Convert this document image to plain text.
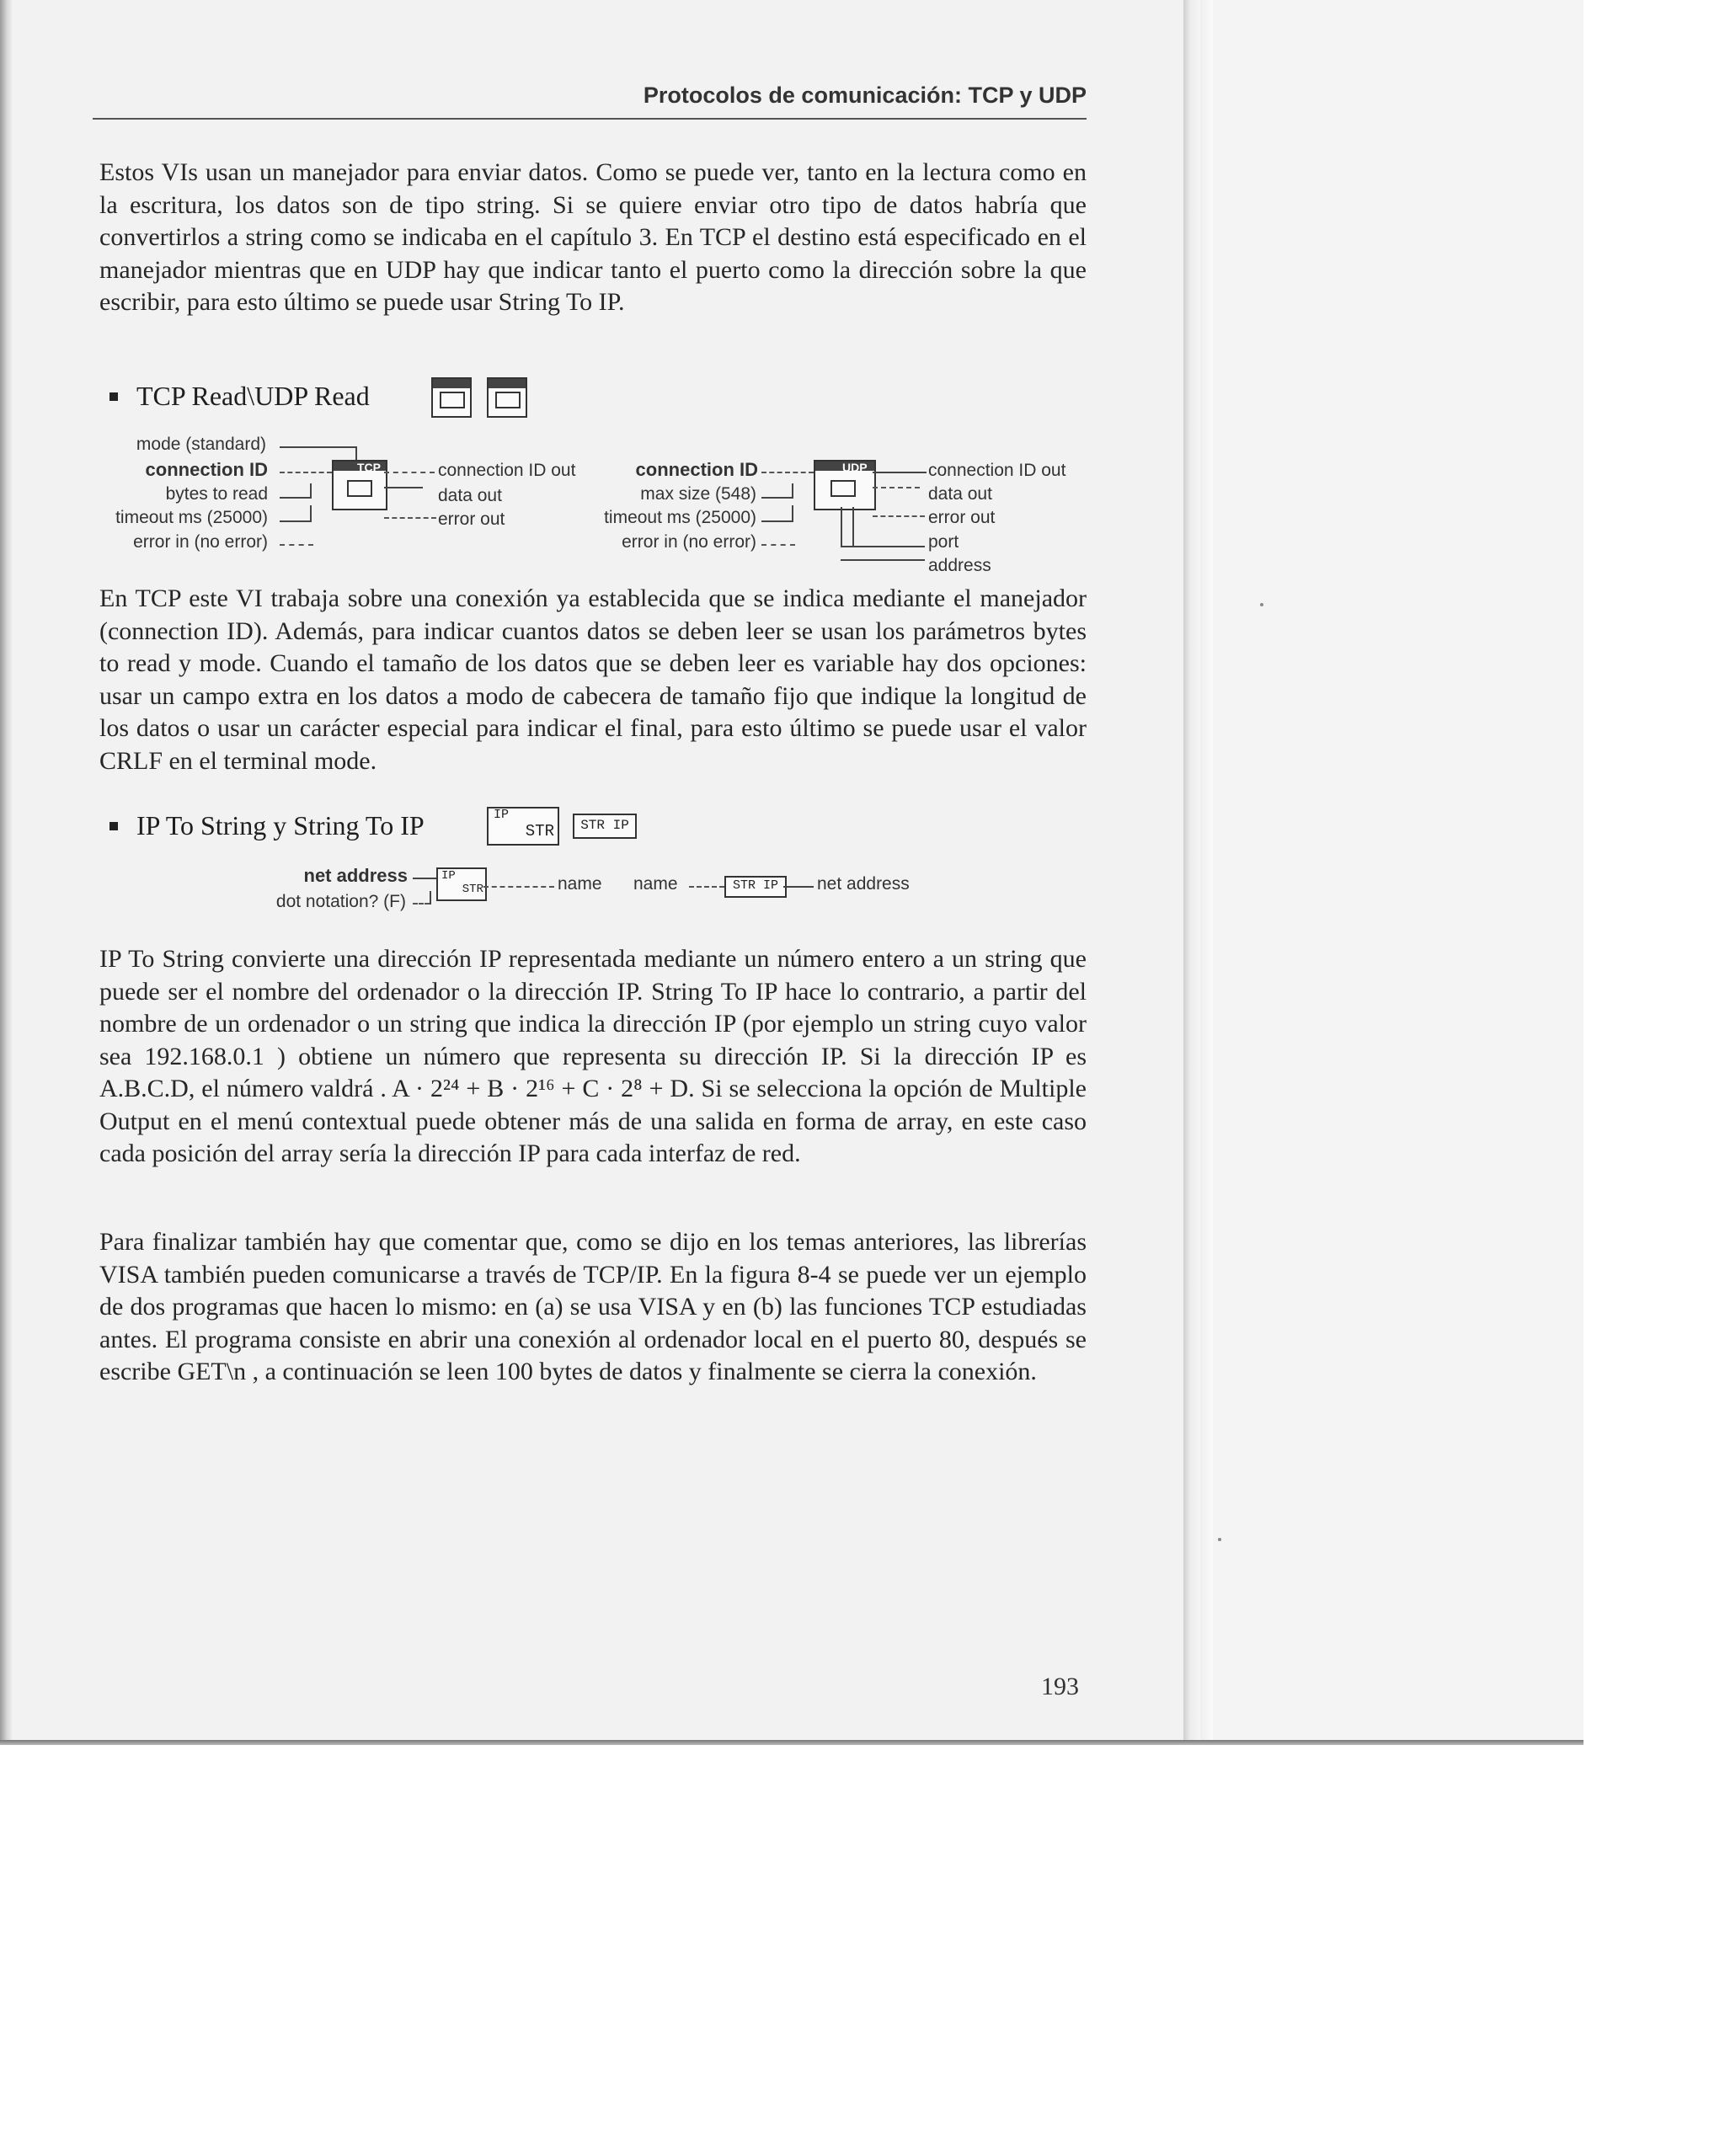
Protocolos de comunicación: TCP y UDP

Estos VIs usan un manejador para enviar datos. Como se puede ver, tanto en la lectura como en la escritura, los datos son de tipo string. Si se quiere enviar otro tipo de datos habría que convertirlos a string como se indicaba en el capítulo 3. En TCP el destino está especificado en el manejador mientras que en UDP hay que indicar tanto el puerto como la dirección sobre la que escribir, para esto último se puede usar String To IP.

TCP Read\UDP Read
mode (standard)
connection ID
bytes to read
timeout ms (25000)
error in (no error)
TCP	connection ID out
data out
error out
connection ID
max size (548)
timeout ms (25000)
error in (no error)
UDP	connection ID out
data out
error out
port
address

En TCP este VI trabaja sobre una conexión ya establecida que se indica mediante el manejador (connection ID). Además, para indicar cuantos datos se deben leer se usan los parámetros bytes to read y mode. Cuando el tamaño de los datos que se deben leer es variable hay dos opciones: usar un campo extra en los datos a modo de cabecera de tamaño fijo que indique la longitud de los datos o usar un carácter especial para indicar el final, para esto último se puede usar el valor CRLF en el terminal mode.

IP To String y String To IP	IP
STR	STR IP
net address
dot notation? (F)
IP
STR	name name	STR IP	net address

IP To String convierte una dirección IP representada mediante un número entero a un string que puede ser el nombre del ordenador o la dirección IP. String To IP hace lo contrario, a partir del nombre de un ordenador o un string que indica la dirección IP (por ejemplo un string cuyo valor sea 192.168.0.1 ) obtiene un número que representa su dirección IP. Si la dirección IP es A.B.C.D, el número valdrá . A · 2²⁴ + B · 2¹⁶ + C · 2⁸ + D. Si se selecciona la opción de Multiple Output en el menú contextual puede obtener más de una salida en forma de array, en este caso cada posición del array sería la dirección IP para cada interfaz de red.

Para finalizar también hay que comentar que, como se dijo en los temas anteriores, las librerías VISA también pueden comunicarse a través de TCP/IP. En la figura 8-4 se puede ver un ejemplo de dos programas que hacen lo mismo: en (a) se usa VISA y en (b) las funciones TCP estudiadas antes. El programa consiste en abrir una conexión al ordenador local en el puerto 80, después se escribe GET\n , a continuación se leen 100 bytes de datos y finalmente se cierra la conexión.

193
